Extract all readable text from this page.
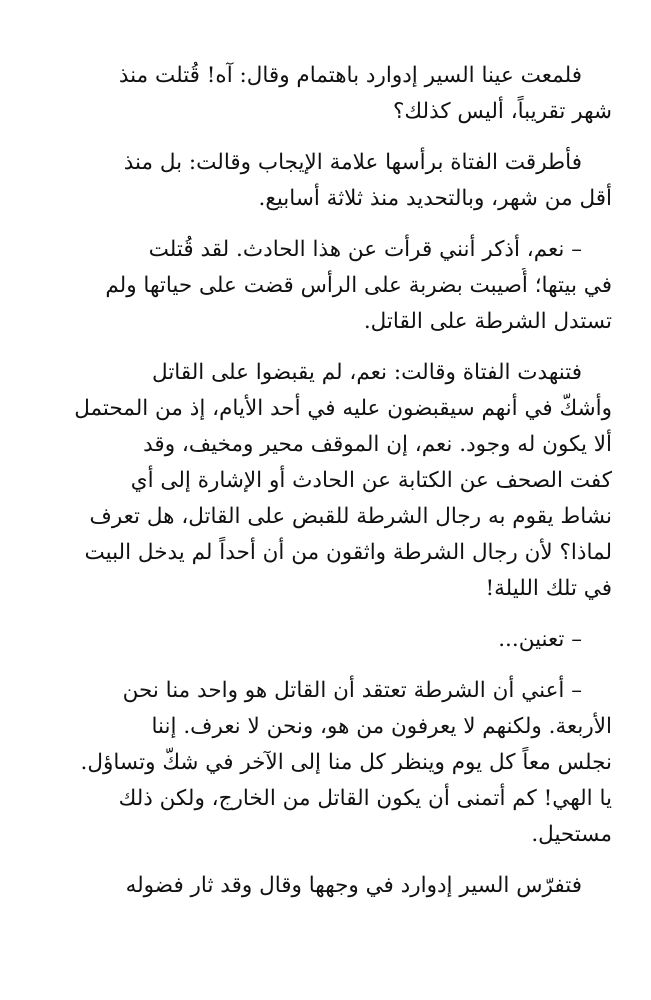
فلمعت عينا السير إدوارد باهتمام وقال: آه! قُتلت منذ
شهر تقريباً، أليس كذلك؟
فأطرقت الفتاة برأسها علامة الإيجاب وقالت: بل منذ
أقل من شهر، وبالتحديد منذ ثلاثة أسابيع.
– نعم، أذكر أنني قرأت عن هذا الحادث. لقد قُتلت
في بيتها؛ أُصيبت بضربة على الرأس قضت على حياتها ولم
تستدل الشرطة على القاتل.
فتنهدت الفتاة وقالت: نعم، لم يقبضوا على القاتل
وأشكّ في أنهم سيقبضون عليه في أحد الأيام، إذ من المحتمل
ألا يكون له وجود. نعم، إن الموقف محير ومخيف، وقد
كفت الصحف عن الكتابة عن الحادث أو الإشارة إلى أي
نشاط يقوم به رجال الشرطة للقبض على القاتل، هل تعرف
لماذا؟ لأن رجال الشرطة واثقون من أن أحداً لم يدخل البيت
في تلك الليلة!
– تعنين...
– أعني أن الشرطة تعتقد أن القاتل هو واحد منا نحن
الأربعة. ولكنهم لا يعرفون من هو، ونحن لا نعرف. إننا
نجلس معاً كل يوم وينظر كل منا إلى الآخر في شكّ وتساؤل.
يا الهي! كم أتمنى أن يكون القاتل من الخارج، ولكن ذلك
مستحيل.
فتفرّس السير إدوارد في وجهها وقال وقد ثار فضوله
